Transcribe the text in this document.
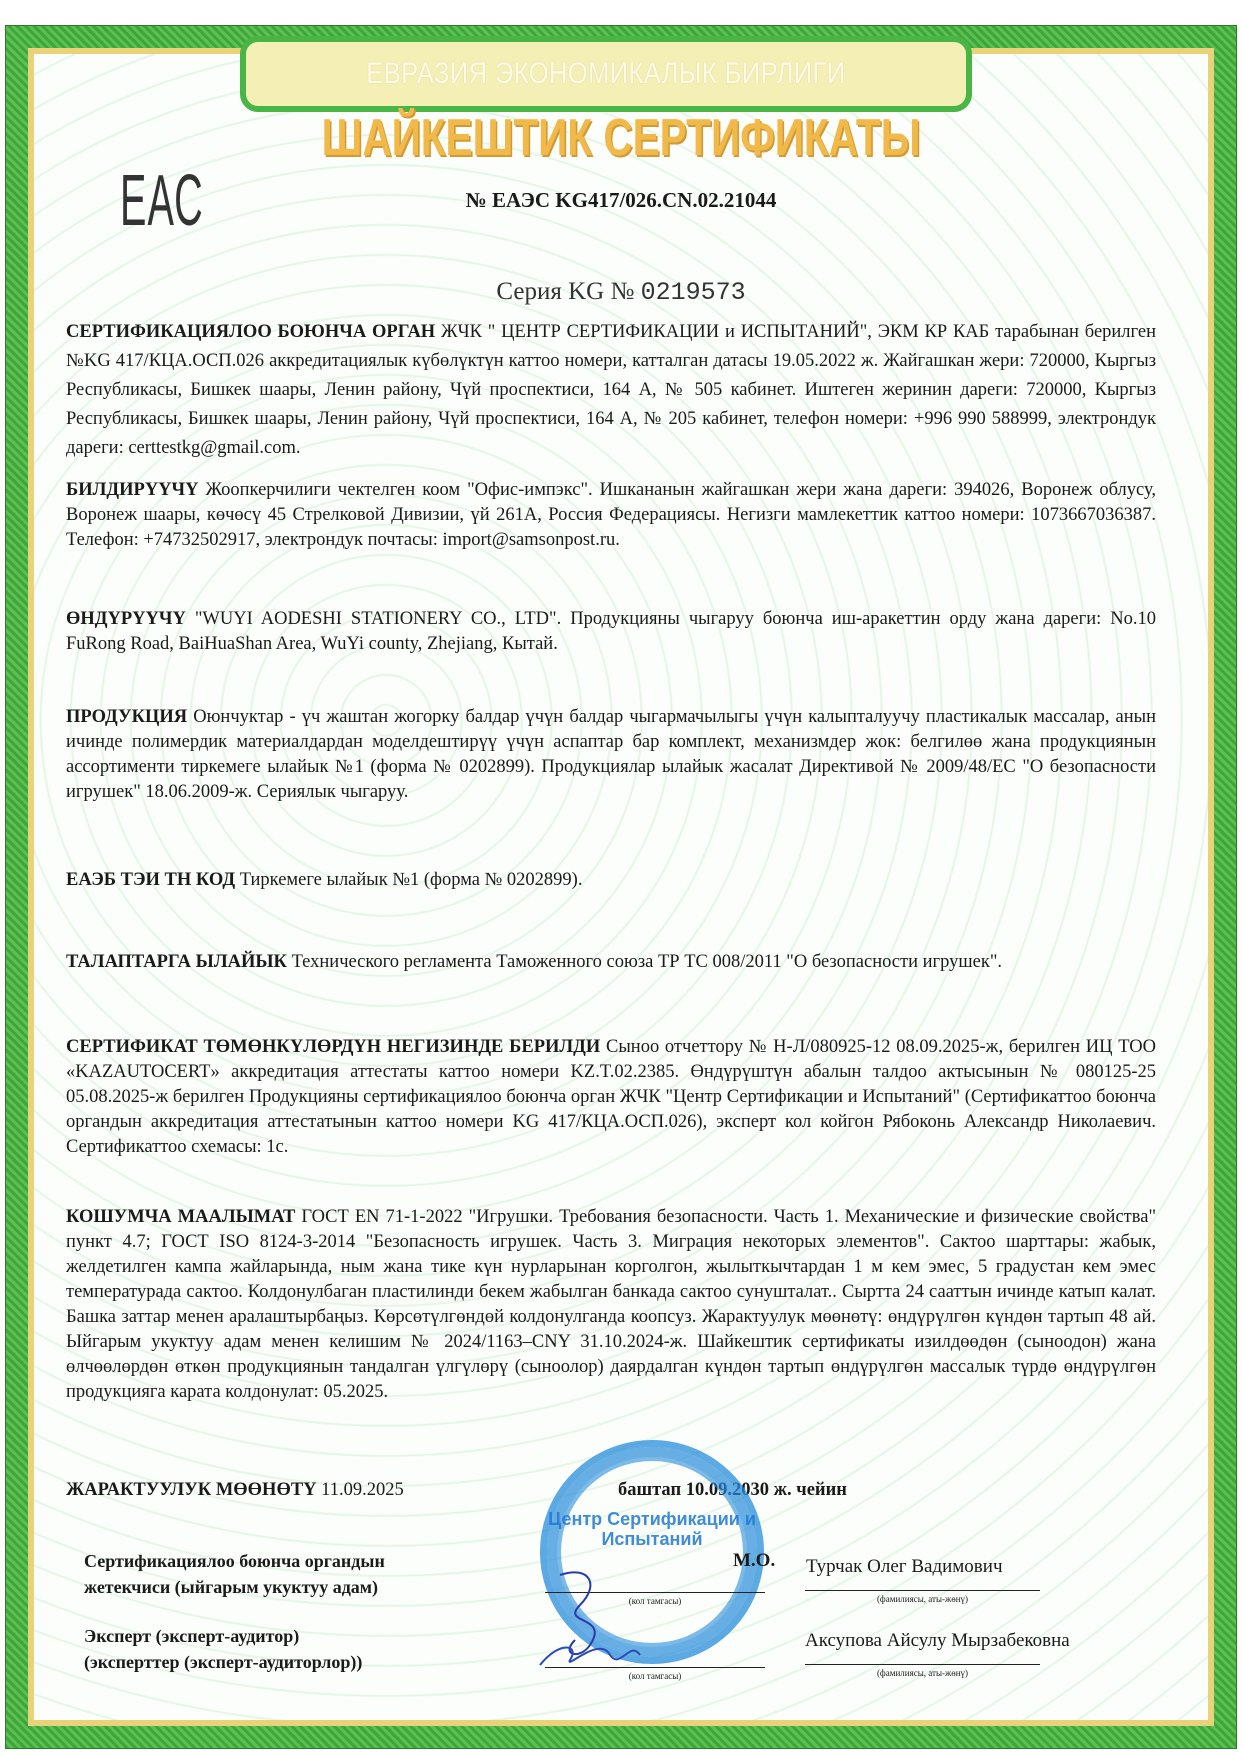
ЕВРАЗИЯ ЭКОНОМИКАЛЫК БИРЛИГИ
ШАЙКЕШТИК СЕРТИФИКАТЫ
ЕАС	№ ЕАЭС KG417/026.CN.02.21044
Серия KG № 0219573
СЕРТИФИКАЦИЯЛОО БОЮНЧА ОРГАН ЖЧК " ЦЕНТР СЕРТИФИКАЦИИ и ИСПЫТАНИЙ", ЭКМ КР КАБ тарабынан берилген №KG 417/КЦА.ОСП.026 аккредитациялык күбөлүктүн каттоо номери, катталган датасы 19.05.2022 ж. Жайгашкан жери: 720000, Кыргыз Республикасы, Бишкек шаары, Ленин району, Чүй проспектиси, 164 А, № 505 кабинет. Иштеген жеринин дареги: 720000, Кыргыз Республикасы, Бишкек шаары, Ленин району, Чүй проспектиси, 164 А, № 205 кабинет, телефон номери: +996 990 588999, электрондук дареги: certtestkg@gmail.com.
БИЛДИРҮҮЧҮ Жоопкерчилиги чектелген коом "Офис-импэкс". Ишкананын жайгашкан жери жана дареги: 394026, Воронеж облусу, Воронеж шаары, көчөсү 45 Стрелковой Дивизии, үй 261А, Россия Федерациясы. Негизги мамлекеттик каттоо номери: 1073667036387. Телефон: +74732502917, электрондук почтасы: import@samsonpost.ru.
ӨНДҮРҮҮЧҮ "WUYI AODESHI STATIONERY CO., LTD". Продукцияны чыгаруу боюнча иш-аракеттин орду жана дареги: No.10 FuRong Road, BaiHuaShan Area, WuYi county, Zhejiang, Кытай.
ПРОДУКЦИЯ Оюнчуктар - үч жаштан жогорку балдар үчүн балдар чыгармачылыгы үчүн калыпталуучу пластикалык массалар, анын ичинде полимердик материалдардан моделдештирүү үчүн аспаптар бар комплект, механизмдер жок: белгилөө жана продукциянын ассортименти тиркемеге ылайык №1 (форма № 0202899). Продукциялар ылайык жасалат Директивой № 2009/48/ЕС "О безопасности игрушек" 18.06.2009-ж. Сериялык чыгаруу.
ЕАЭБ ТЭИ ТН КОД Тиркемеге ылайык №1 (форма № 0202899).
ТАЛАПТАРГА ЫЛАЙЫК Технического регламента Таможенного союза ТР ТС 008/2011 "О безопасности игрушек".
СЕРТИФИКАТ ТӨМӨНКҮЛӨРДҮН НЕГИЗИНДЕ БЕРИЛДИ Сыноо отчеттору № Н-Л/080925-12 08.09.2025-ж, берилген ИЦ ТОО «KAZAUTOCERT» аккредитация аттестаты каттоо номери KZ.T.02.2385. Өндүрүштүн абалын талдоо актысынын № 080125-25 05.08.2025-ж берилген Продукцияны сертификациялоо боюнча орган ЖЧК "Центр Сертификации и Испытаний" (Сертификаттоо боюнча органдын аккредитация аттестатынын каттоо номери KG 417/КЦА.ОСП.026), эксперт кол койгон Рябоконь Александр Николаевич. Сертификаттоо схемасы: 1с.
КОШУМЧА МААЛЫМАТ ГОСТ EN 71-1-2022 "Игрушки. Требования безопасности. Часть 1. Механические и физические свойства" пункт 4.7; ГОСТ ISO 8124-3-2014 "Безопасность игрушек. Часть 3. Миграция некоторых элементов". Сактоо шарттары: жабык, желдетилген кампа жайларында, ным жана тике күн нурларынан корголгон, жылыткычтардан 1 м кем эмес, 5 градустан кем эмес температурада сактоо. Колдонулбаган пластилинди бекем жабылган банкада сактоо сунушталат.. Сыртта 24 сааттын ичинде катып калат. Башка заттар менен аралаштырбаңыз. Көрсөтүлгөндөй колдонулганда коопсуз. Жарактуулук мөөнөтү: өндүрүлгөн күндөн тартып 48 ай. Ыйгарым укуктуу адам менен келишим № 2024/1163–CNY 31.10.2024-ж. Шайкештик сертификаты изилдөөдөн (сыноодон) жана өлчөөлөрдөн өткөн продукциянын тандалган үлгүлөрү (сыноолор) даярдалган күндөн тартып өндүрүлгөн массалык түрдө өндүрүлгөн продукцияга карата колдонулат: 05.2025.
ЖАРАКТУУЛУК МӨӨНӨТҮ 11.09.2025	баштап 10.09.2030 ж. чейин
Центр Сертификации и Испытаний
М.О.
Сертификациялоо боюнча органдын
жетекчиси (ыйгарым укуктуу адам)
Эксперт (эксперт-аудитор)
(эксперттер (эксперт-аудиторлор))
(кол тамгасы)
Турчак Олег Вадимович
(фамилиясы, аты-жөнү)
(кол тамгасы)
Аксупова Айсулу Мырзабековна
(фамилиясы, аты-жөнү)
